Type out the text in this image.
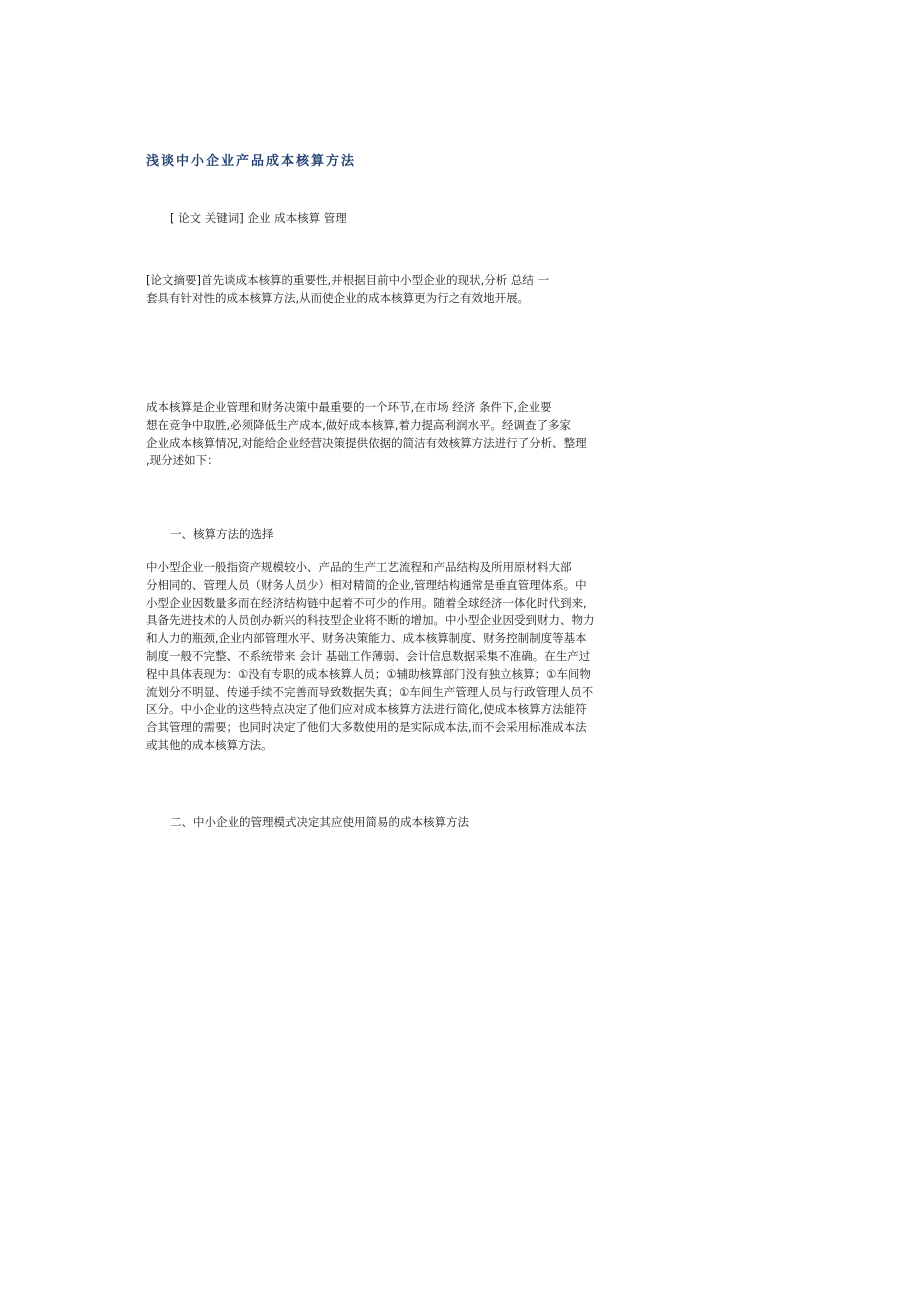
浅谈中小企业产品成本核算方法
[ 论文 关键词] 企业 成本核算 管理

[论文摘要]首先谈成本核算的重要性,并根据目前中小型企业的现状,分析 总结 一
套具有针对性的成本核算方法,从而使企业的成本核算更为行之有效地开展。

成本核算是企业管理和财务决策中最重要的一个环节,在市场 经济 条件下,企业要
想在竞争中取胜,必须降低生产成本,做好成本核算,着力提高利润水平。经调查了多家
企业成本核算情况,对能给企业经营决策提供依据的简洁有效核算方法进行了分析、整理
,现分述如下：

一、核算方法的选择

中小型企业一般指资产规模较小、产品的生产工艺流程和产品结构及所用原材料大部
分相同的、管理人员（财务人员少）相对精简的企业,管理结构通常是垂直管理体系。中
小型企业因数量多而在经济结构链中起着不可少的作用。随着全球经济一体化时代到来,
具备先进技术的人员创办新兴的科技型企业将不断的增加。中小型企业因受到财力、物力
和人力的瓶颈,企业内部管理水平、财务决策能力、成本核算制度、财务控制制度等基本
制度一般不完整、不系统带来 会计 基础工作薄弱、会计信息数据采集不准确。在生产过
程中具体表现为：①没有专职的成本核算人员；①辅助核算部门没有独立核算；①车间物
流划分不明显、传递手续不完善而导致数据失真；①车间生产管理人员与行政管理人员不
区分。中小企业的这些特点决定了他们应对成本核算方法进行简化,使成本核算方法能符
合其管理的需要；也同时决定了他们大多数使用的是实际成本法,而不会采用标准成本法
或其他的成本核算方法。

二、中小企业的管理模式决定其应使用简易的成本核算方法
